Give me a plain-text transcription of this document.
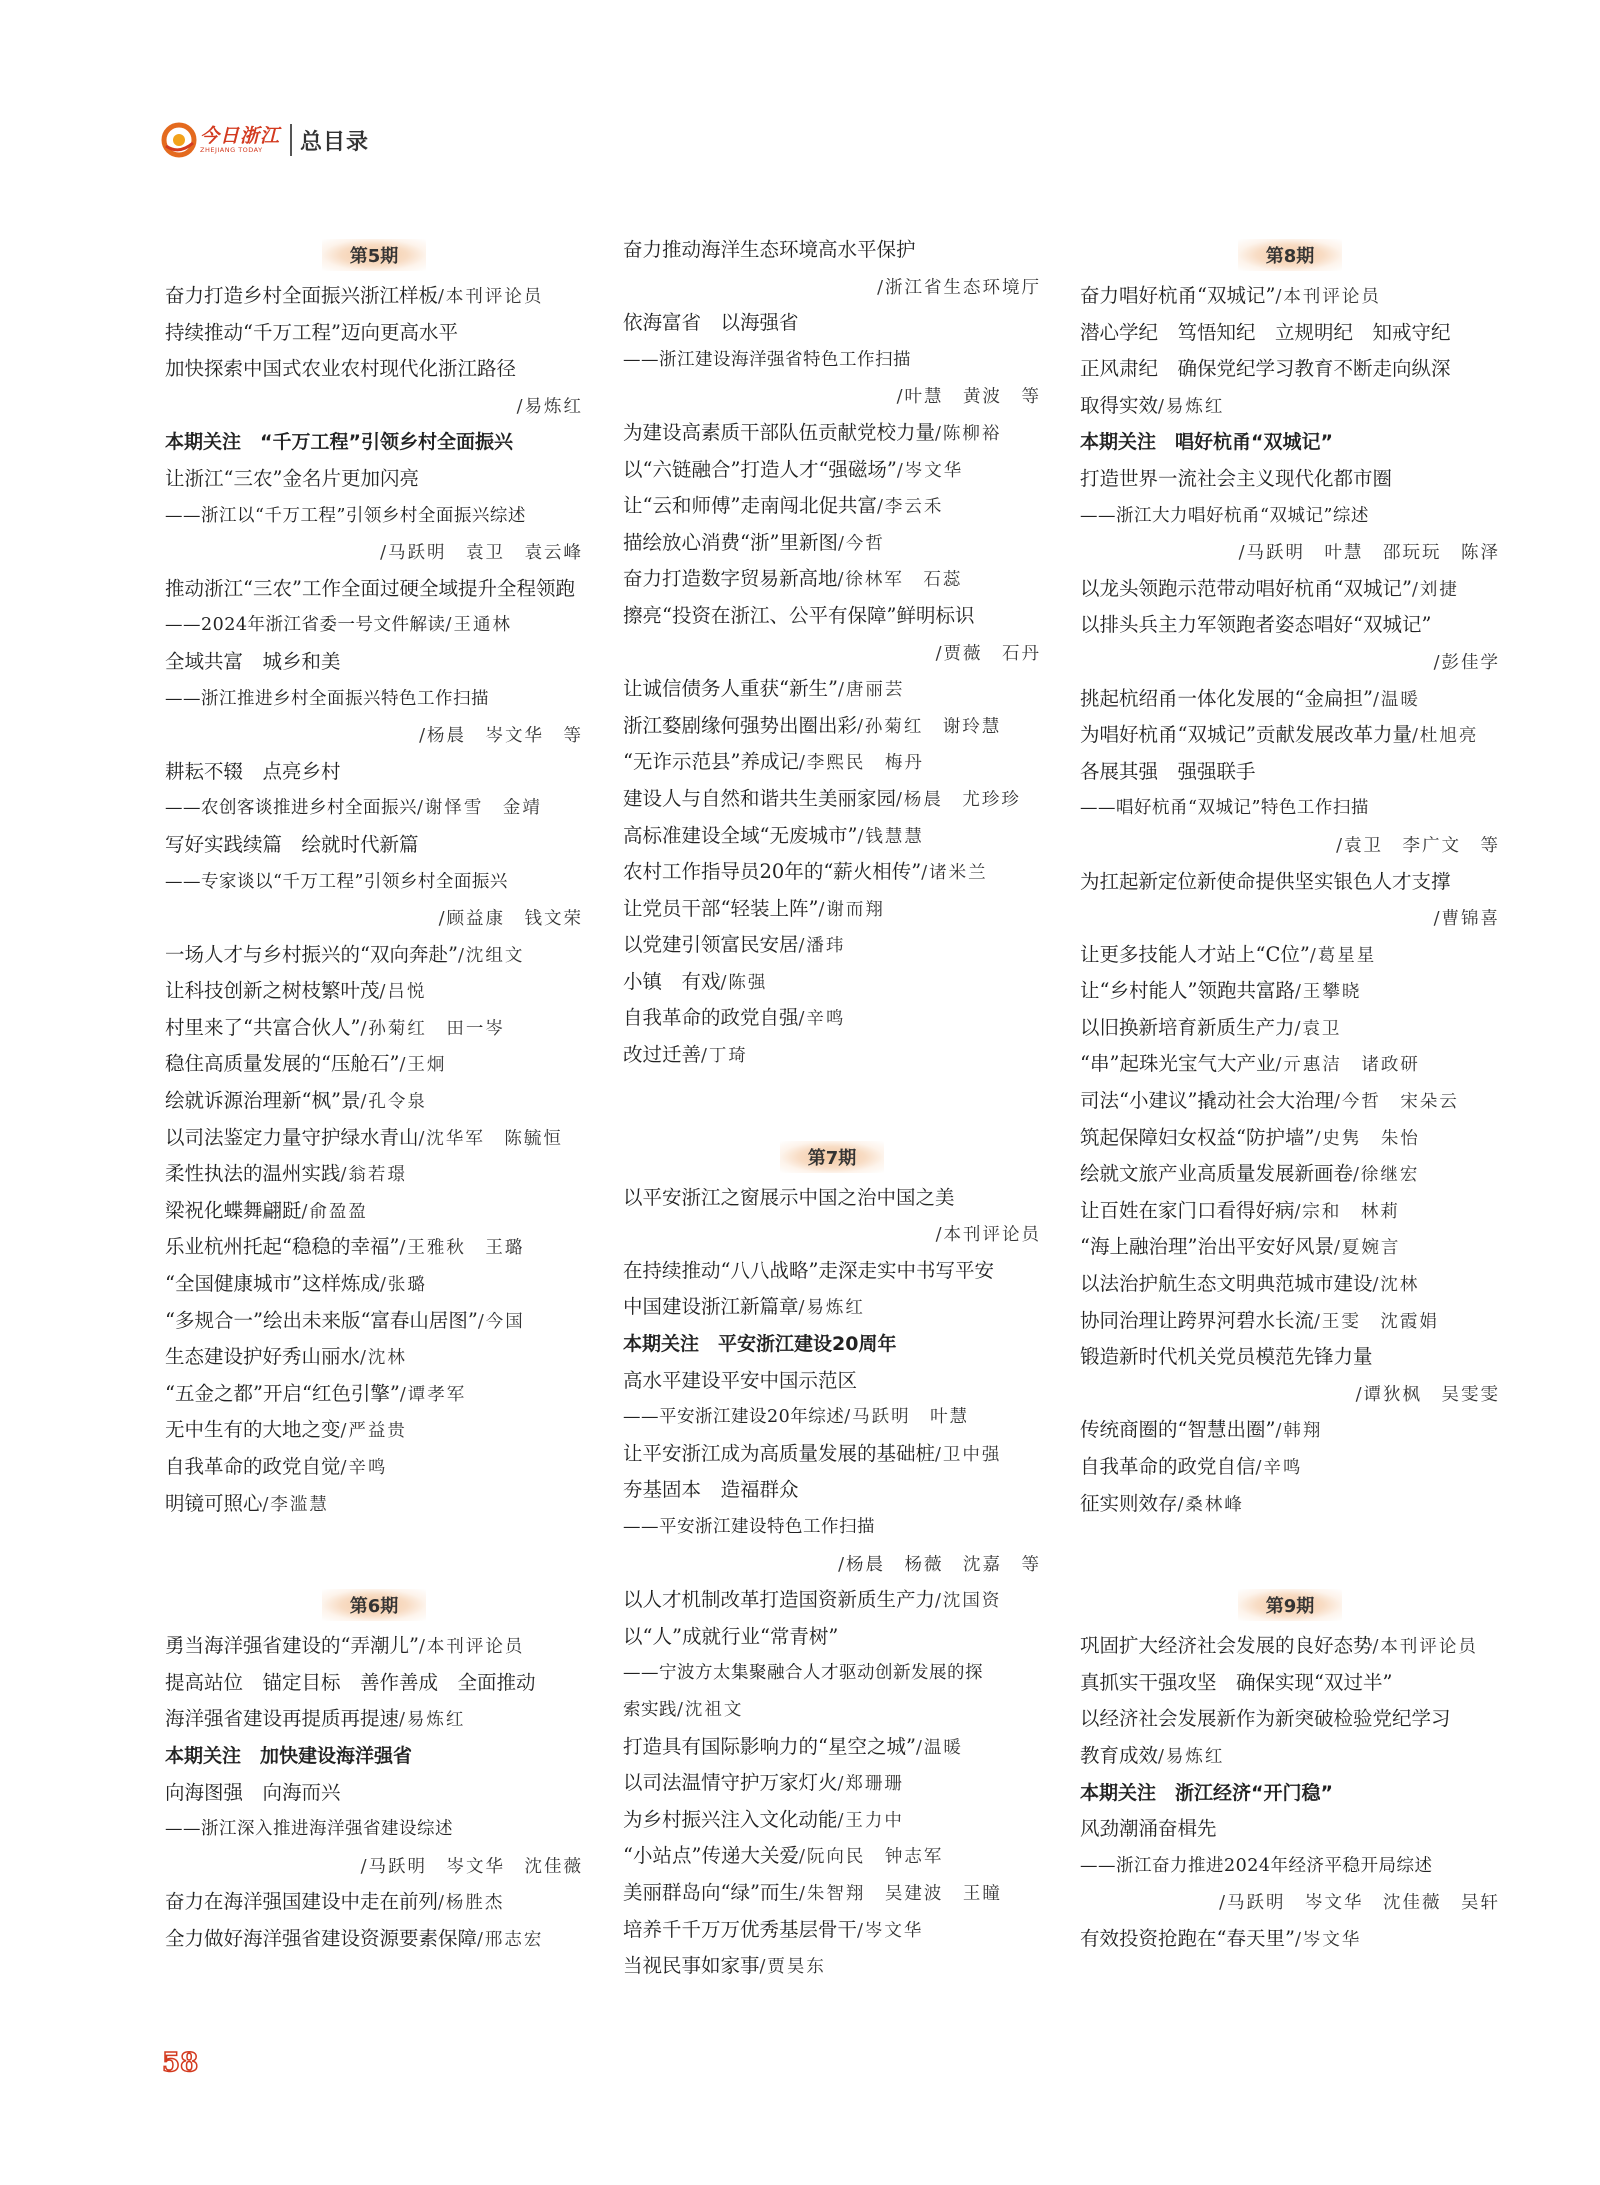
今日浙江
ZHEJIANG TODAY	总目录
第5期
奋力打造乡村全面振兴浙江样板/本刊评论员
持续推动“千万工程”迈向更高水平
加快探索中国式农业农村现代化浙江路径
/易炼红
本期关注　“千万工程”引领乡村全面振兴
让浙江“三农”金名片更加闪亮
——浙江以“千万工程”引领乡村全面振兴综述
/马跃明　袁卫　袁云峰
推动浙江“三农”工作全面过硬全域提升全程领跑
——2024年浙江省委一号文件解读/王通林
全域共富　城乡和美
——浙江推进乡村全面振兴特色工作扫描
/杨晨　岑文华　等
耕耘不辍　点亮乡村
——农创客谈推进乡村全面振兴/谢怿雪　金靖
写好实践续篇　绘就时代新篇
——专家谈以“千万工程”引领乡村全面振兴
/顾益康　钱文荣
一场人才与乡村振兴的“双向奔赴”/沈组文
让科技创新之树枝繁叶茂/吕悦
村里来了“共富合伙人”/孙菊红　田一岑
稳住高质量发展的“压舱石”/王炯
绘就诉源治理新“枫”景/孔令泉
以司法鉴定力量守护绿水青山/沈华军　陈毓恒
柔性执法的温州实践/翁若璟
梁祝化蝶舞翩跹/俞盈盈
乐业杭州托起“稳稳的幸福”/王雅秋　王璐
“全国健康城市”这样炼成/张璐
“多规合一”绘出未来版“富春山居图”/今国
生态建设护好秀山丽水/沈林
“五金之都”开启“红色引擎”/谭孝军
无中生有的大地之变/严益贵
自我革命的政党自觉/辛鸣
明镜可照心/李滥慧
第6期
勇当海洋强省建设的“弄潮儿”/本刊评论员
提高站位　锚定目标　善作善成　全面推动
海洋强省建设再提质再提速/易炼红
本期关注　加快建设海洋强省
向海图强　向海而兴
——浙江深入推进海洋强省建设综述
/马跃明　岑文华　沈佳薇
奋力在海洋强国建设中走在前列/杨胜杰
全力做好海洋强省建设资源要素保障/邢志宏
奋力推动海洋生态环境高水平保护
/浙江省生态环境厅
依海富省　以海强省
——浙江建设海洋强省特色工作扫描
/叶慧　黄波　等
为建设高素质干部队伍贡献党校力量/陈柳裕
以“六链融合”打造人才“强磁场”/岑文华
让“云和师傅”走南闯北促共富/李云禾
描绘放心消费“浙”里新图/今哲
奋力打造数字贸易新高地/徐林军　石蕊
擦亮“投资在浙江、公平有保障”鲜明标识
/贾薇　石丹
让诚信债务人重获“新生”/唐丽芸
浙江婺剧缘何强势出圈出彩/孙菊红　谢玲慧
“无诈示范县”养成记/李熙民　梅丹
建设人与自然和谐共生美丽家园/杨晨　尤珍珍
高标准建设全域“无废城市”/钱慧慧
农村工作指导员20年的“薪火相传”/诸米兰
让党员干部“轻装上阵”/谢而翔
以党建引领富民安居/潘玮
小镇　有戏/陈强
自我革命的政党自强/辛鸣
改过迁善/丁琦
第7期
以平安浙江之窗展示中国之治中国之美
/本刊评论员
在持续推动“八八战略”走深走实中书写平安
中国建设浙江新篇章/易炼红
本期关注　平安浙江建设20周年
高水平建设平安中国示范区
——平安浙江建设20年综述/马跃明　叶慧
让平安浙江成为高质量发展的基础桩/卫中强
夯基固本　造福群众
——平安浙江建设特色工作扫描
/杨晨　杨薇　沈嘉　等
以人才机制改革打造国资新质生产力/沈国资
以“人”成就行业“常青树”
——宁波方太集聚融合人才驱动创新发展的探
索实践/沈祖文
打造具有国际影响力的“星空之城”/温暖
以司法温情守护万家灯火/郑珊珊
为乡村振兴注入文化动能/王力中
“小站点”传递大关爱/阮向民　钟志军
美丽群岛向“绿”而生/朱智翔　吴建波　王瞳
培养千千万万优秀基层骨干/岑文华
当视民事如家事/贾昊东
第8期
奋力唱好杭甬“双城记”/本刊评论员
潜心学纪　笃悟知纪　立规明纪　知戒守纪
正风肃纪　确保党纪学习教育不断走向纵深
取得实效/易炼红
本期关注　唱好杭甬“双城记”
打造世界一流社会主义现代化都市圈
——浙江大力唱好杭甬“双城记”综述
/马跃明　叶慧　邵玩玩　陈泽
以龙头领跑示范带动唱好杭甬“双城记”/刘捷
以排头兵主力军领跑者姿态唱好“双城记”
/彭佳学
挑起杭绍甬一体化发展的“金扁担”/温暖
为唱好杭甬“双城记”贡献发展改革力量/杜旭亮
各展其强　强强联手
——唱好杭甬“双城记”特色工作扫描
/袁卫　李广文　等
为扛起新定位新使命提供坚实银色人才支撑
/曹锦喜
让更多技能人才站上“C位”/葛星星
让“乡村能人”领跑共富路/王攀晓
以旧换新培育新质生产力/袁卫
“串”起珠光宝气大产业/亓惠洁　诸政研
司法“小建议”撬动社会大治理/今哲　宋朵云
筑起保障妇女权益“防护墙”/史隽　朱怡
绘就文旅产业高质量发展新画卷/徐继宏
让百姓在家门口看得好病/宗和　林莉
“海上融治理”治出平安好风景/夏婉言
以法治护航生态文明典范城市建设/沈林
协同治理让跨界河碧水长流/王雯　沈霞娟
锻造新时代机关党员模范先锋力量
/谭狄枫　吴雯雯
传统商圈的“智慧出圈”/韩翔
自我革命的政党自信/辛鸣
征实则效存/桑林峰
第9期
巩固扩大经济社会发展的良好态势/本刊评论员
真抓实干强攻坚　确保实现“双过半”
以经济社会发展新作为新突破检验党纪学习
教育成效/易炼红
本期关注　浙江经济“开门稳”
风劲潮涌奋楫先
——浙江奋力推进2024年经济平稳开局综述
/马跃明　岑文华　沈佳薇　吴轩
有效投资抢跑在“春天里”/岑文华
58
